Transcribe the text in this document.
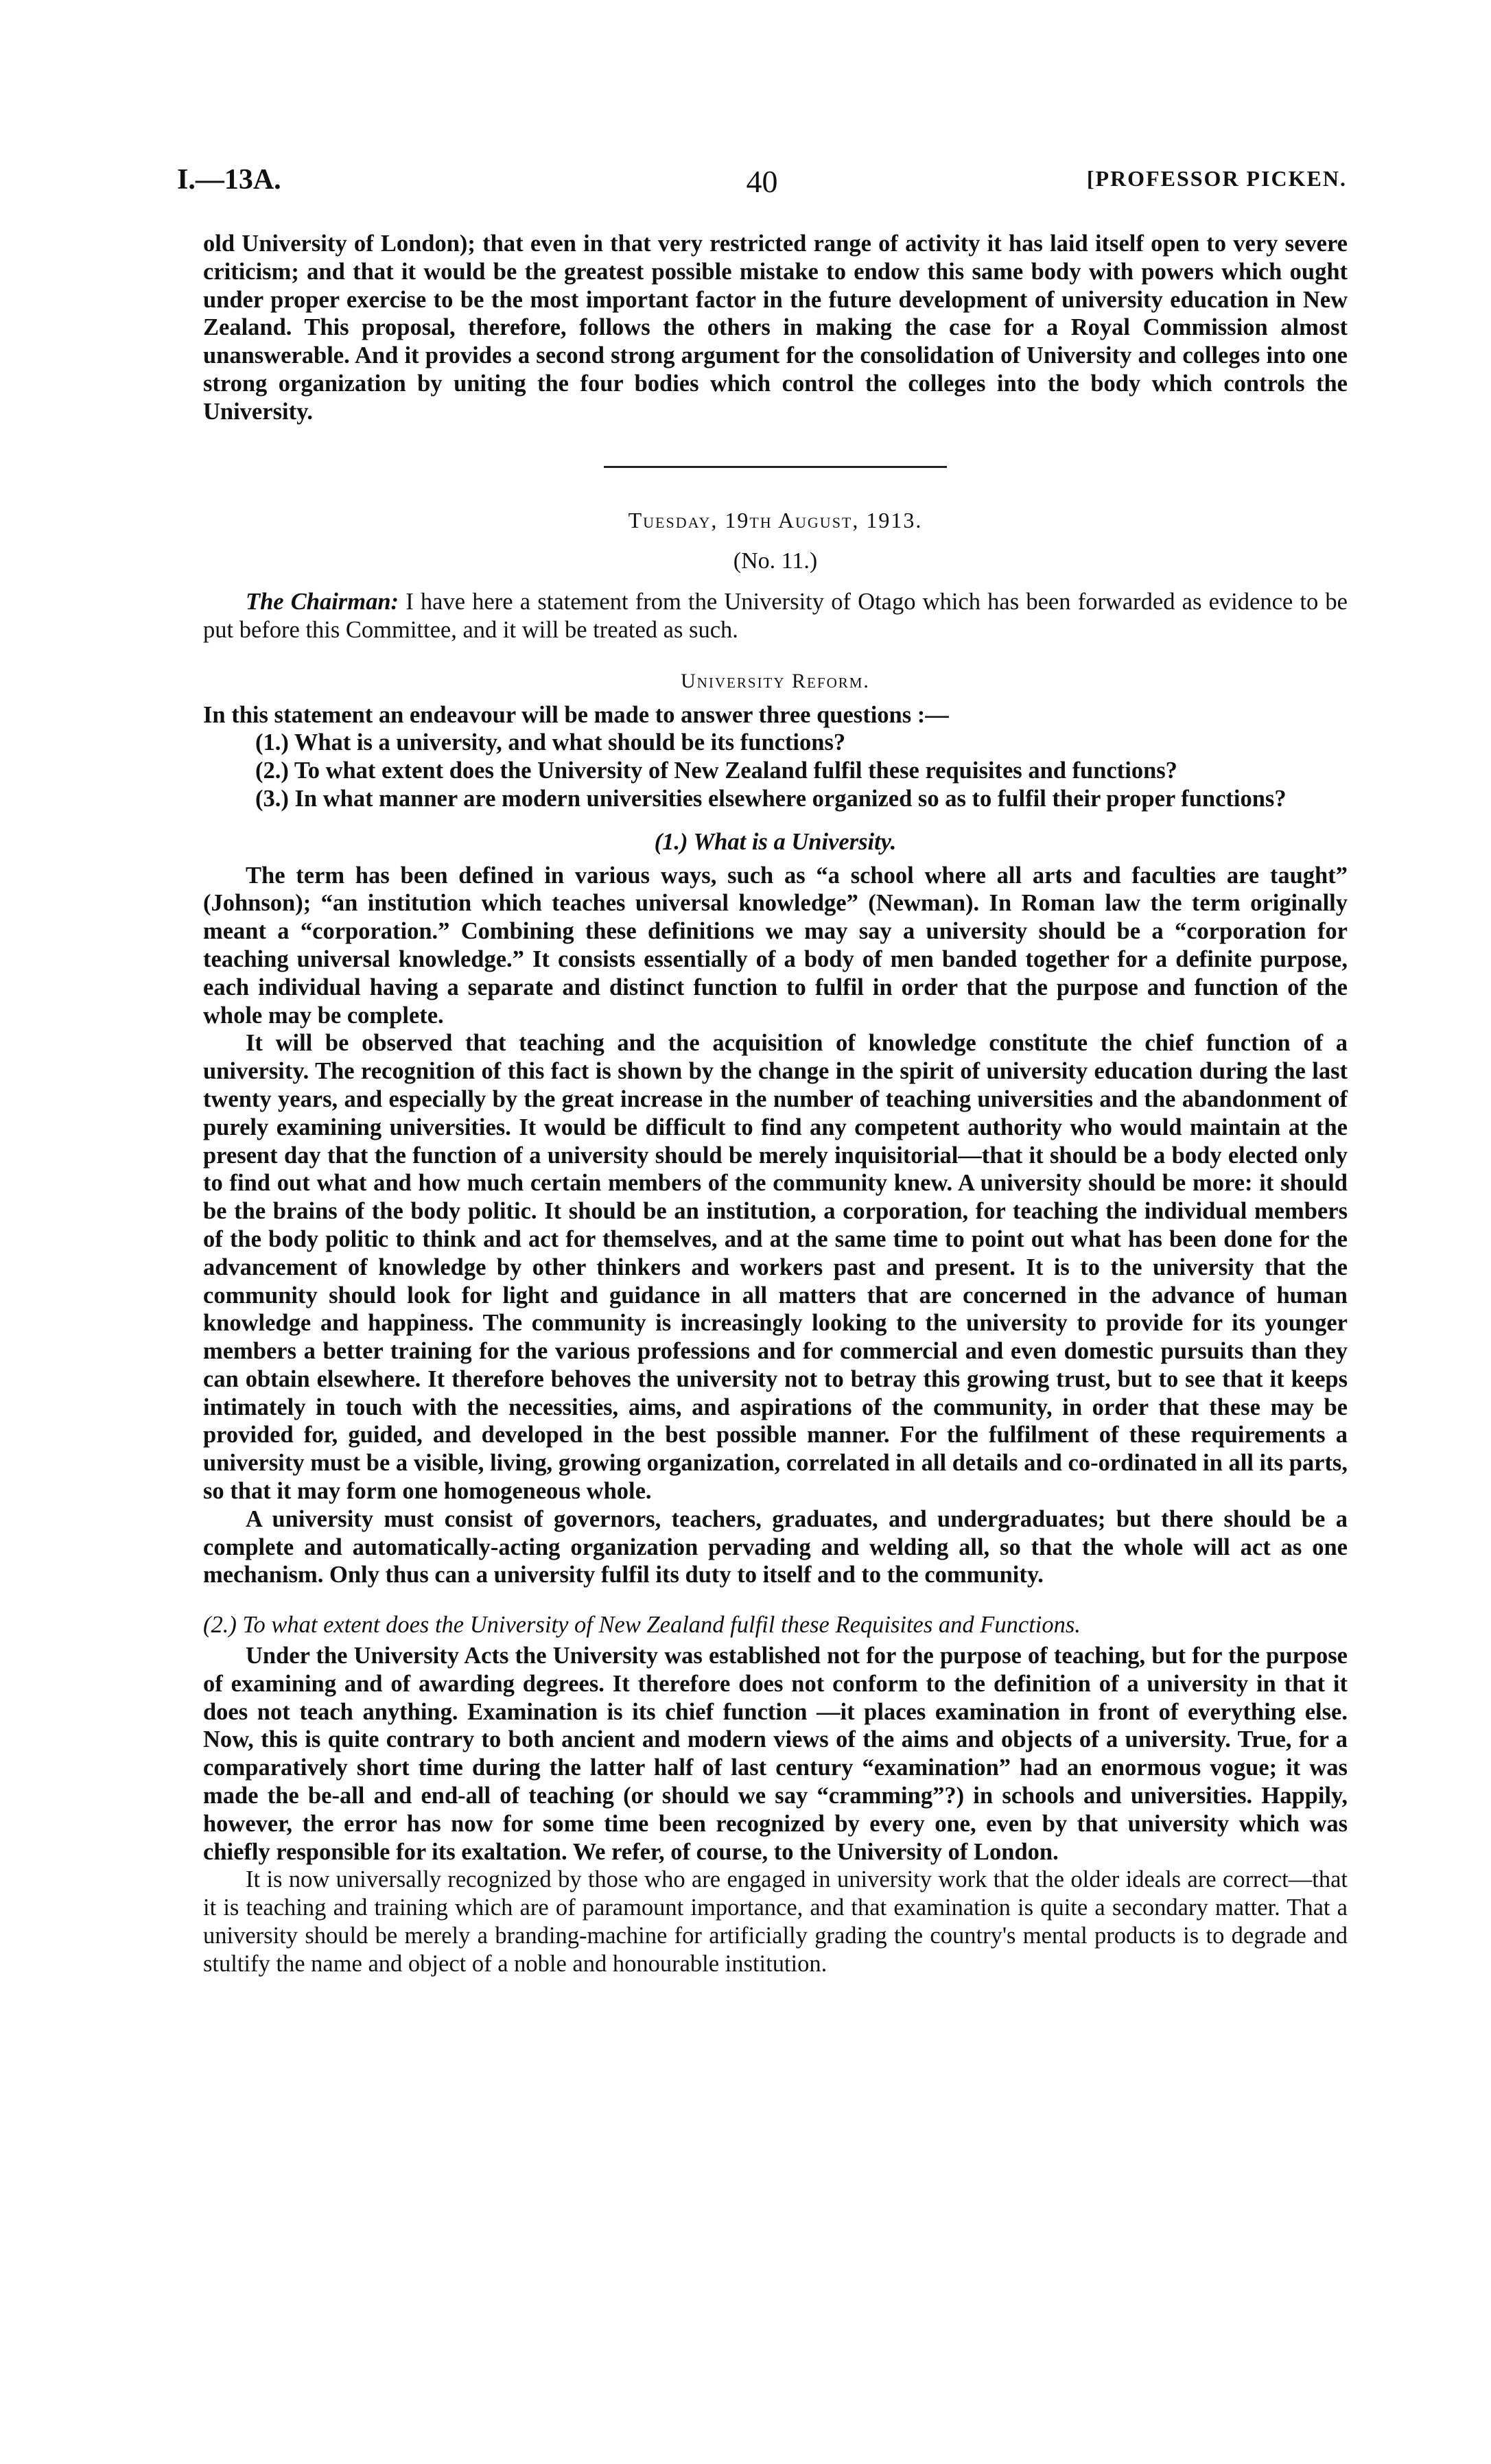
I.—13A.	40	[PROFESSOR PICKEN.

old University of London); that even in that very restricted range of activity it has laid itself open to very severe criticism; and that it would be the greatest possible mistake to endow this same body with powers which ought under proper exercise to be the most important factor in the future development of university education in New Zealand. This proposal, therefore, follows the others in making the case for a Royal Commission almost unanswerable. And it provides a second strong argument for the consolidation of University and colleges into one strong organization by uniting the four bodies which control the colleges into the body which controls the University.

Tuesday, 19th August, 1913.
(No. 11.)

The Chairman: I have here a statement from the University of Otago which has been forwarded as evidence to be put before this Committee, and it will be treated as such.

University Reform.

In this statement an endeavour will be made to answer three questions :—

(1.) What is a university, and what should be its functions?
(2.) To what extent does the University of New Zealand fulfil these requisites and functions?
(3.) In what manner are modern universities elsewhere organized so as to fulfil their proper functions?
(1.) What is a University.

The term has been defined in various ways, such as “a school where all arts and faculties are taught” (Johnson); “an institution which teaches universal knowledge” (Newman). In Roman law the term originally meant a “corporation.” Combining these definitions we may say a university should be a “corporation for teaching universal knowledge.” It consists essentially of a body of men banded together for a definite purpose, each individual having a separate and distinct function to fulfil in order that the purpose and function of the whole may be complete.

It will be observed that teaching and the acquisition of knowledge constitute the chief function of a university. The recognition of this fact is shown by the change in the spirit of university education during the last twenty years, and especially by the great increase in the number of teaching universities and the abandonment of purely examining universities. It would be difficult to find any competent authority who would maintain at the present day that the function of a university should be merely inquisitorial—that it should be a body elected only to find out what and how much certain members of the community knew. A university should be more: it should be the brains of the body politic. It should be an institution, a corporation, for teaching the individual members of the body politic to think and act for themselves, and at the same time to point out what has been done for the advancement of knowledge by other thinkers and workers past and present. It is to the university that the community should look for light and guidance in all matters that are concerned in the advance of human knowledge and happiness. The community is increasingly looking to the university to provide for its younger members a better training for the various professions and for commercial and even domestic pursuits than they can obtain elsewhere. It therefore behoves the university not to betray this growing trust, but to see that it keeps intimately in touch with the necessities, aims, and aspirations of the community, in order that these may be provided for, guided, and developed in the best possible manner. For the fulfilment of these requirements a university must be a visible, living, growing organization, correlated in all details and co-ordinated in all its parts, so that it may form one homogeneous whole.

A university must consist of governors, teachers, graduates, and undergraduates; but there should be a complete and automatically-acting organization pervading and welding all, so that the whole will act as one mechanism. Only thus can a university fulfil its duty to itself and to the community.

(2.) To what extent does the University of New Zealand fulfil these Requisites and Functions.

Under the University Acts the University was established not for the purpose of teaching, but for the purpose of examining and of awarding degrees. It therefore does not conform to the definition of a university in that it does not teach anything. Examination is its chief function —it places examination in front of everything else. Now, this is quite contrary to both ancient and modern views of the aims and objects of a university. True, for a comparatively short time during the latter half of last century “examination” had an enormous vogue; it was made the be-all and end-all of teaching (or should we say “cramming”?) in schools and universities. Happily, however, the error has now for some time been recognized by every one, even by that university which was chiefly responsible for its exaltation. We refer, of course, to the University of London.

It is now universally recognized by those who are engaged in university work that the older ideals are correct—that it is teaching and training which are of paramount importance, and that examination is quite a secondary matter. That a university should be merely a branding-machine for artificially grading the country's mental products is to degrade and stultify the name and object of a noble and honourable institution.
